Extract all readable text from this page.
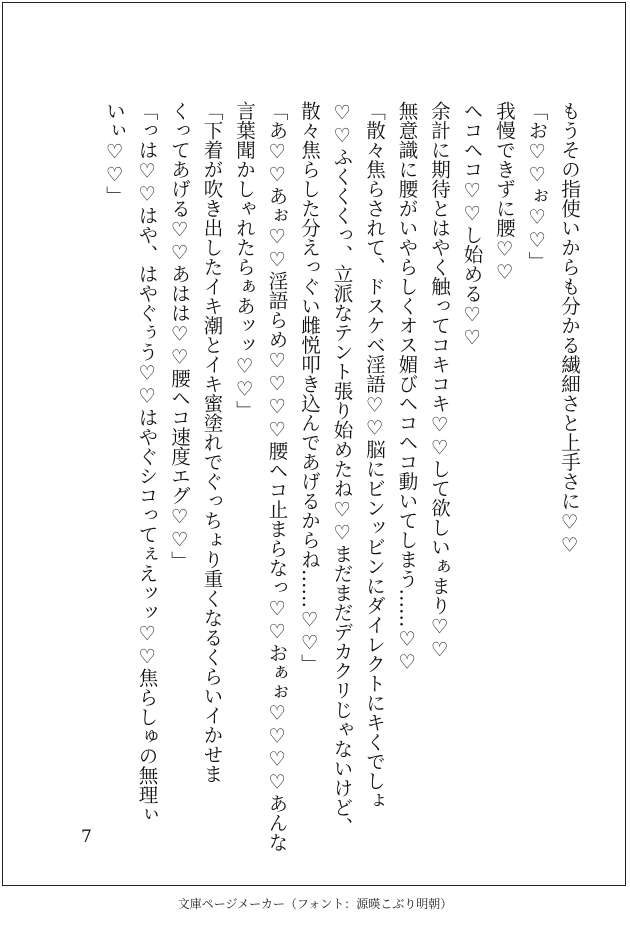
もうその指使いからも分かる繊細さと上手さに♡♡
「お♡♡ぉ♡♡」
我慢できずに腰♡♡
ヘコヘコ♡♡し始める♡♡
余計に期待とはやく触ってコキコキ♡♡して欲しいぁまり♡♡
無意識に腰がいやらしくオス媚びヘコヘコ動いてしまう……♡♡
「散々焦らされて、ドスケベ淫語♡♡脳にビンッビンにダイレクトにキくでしょ
♡♡ふくくくっ、立派なテント張り始めたね♡♡まだまだデカクリじゃないけど、
散々焦らした分えっぐい雌悦叩き込んであげるからね……♡♡」
「あ♡♡あぉ♡♡淫語らめ♡♡♡♡腰ヘコ止まらなっ♡♡おぁぉ♡♡♡♡あんな
言葉聞かしゃれたらぁあッッ♡♡」
「下着が吹き出したイキ潮とイキ蜜塗れでぐっちょり重くなるくらいイかせま
くってあげる♡♡あはは♡♡腰ヘコ速度エグ♡♡」
「っは♡♡はや、はやぐぅう♡♡はやぐシコってぇえッッ♡♡焦らしゅの無理ぃ
いぃ♡♡」
7
文庫ページメーカー（フォント：源暎こぶり明朝）
